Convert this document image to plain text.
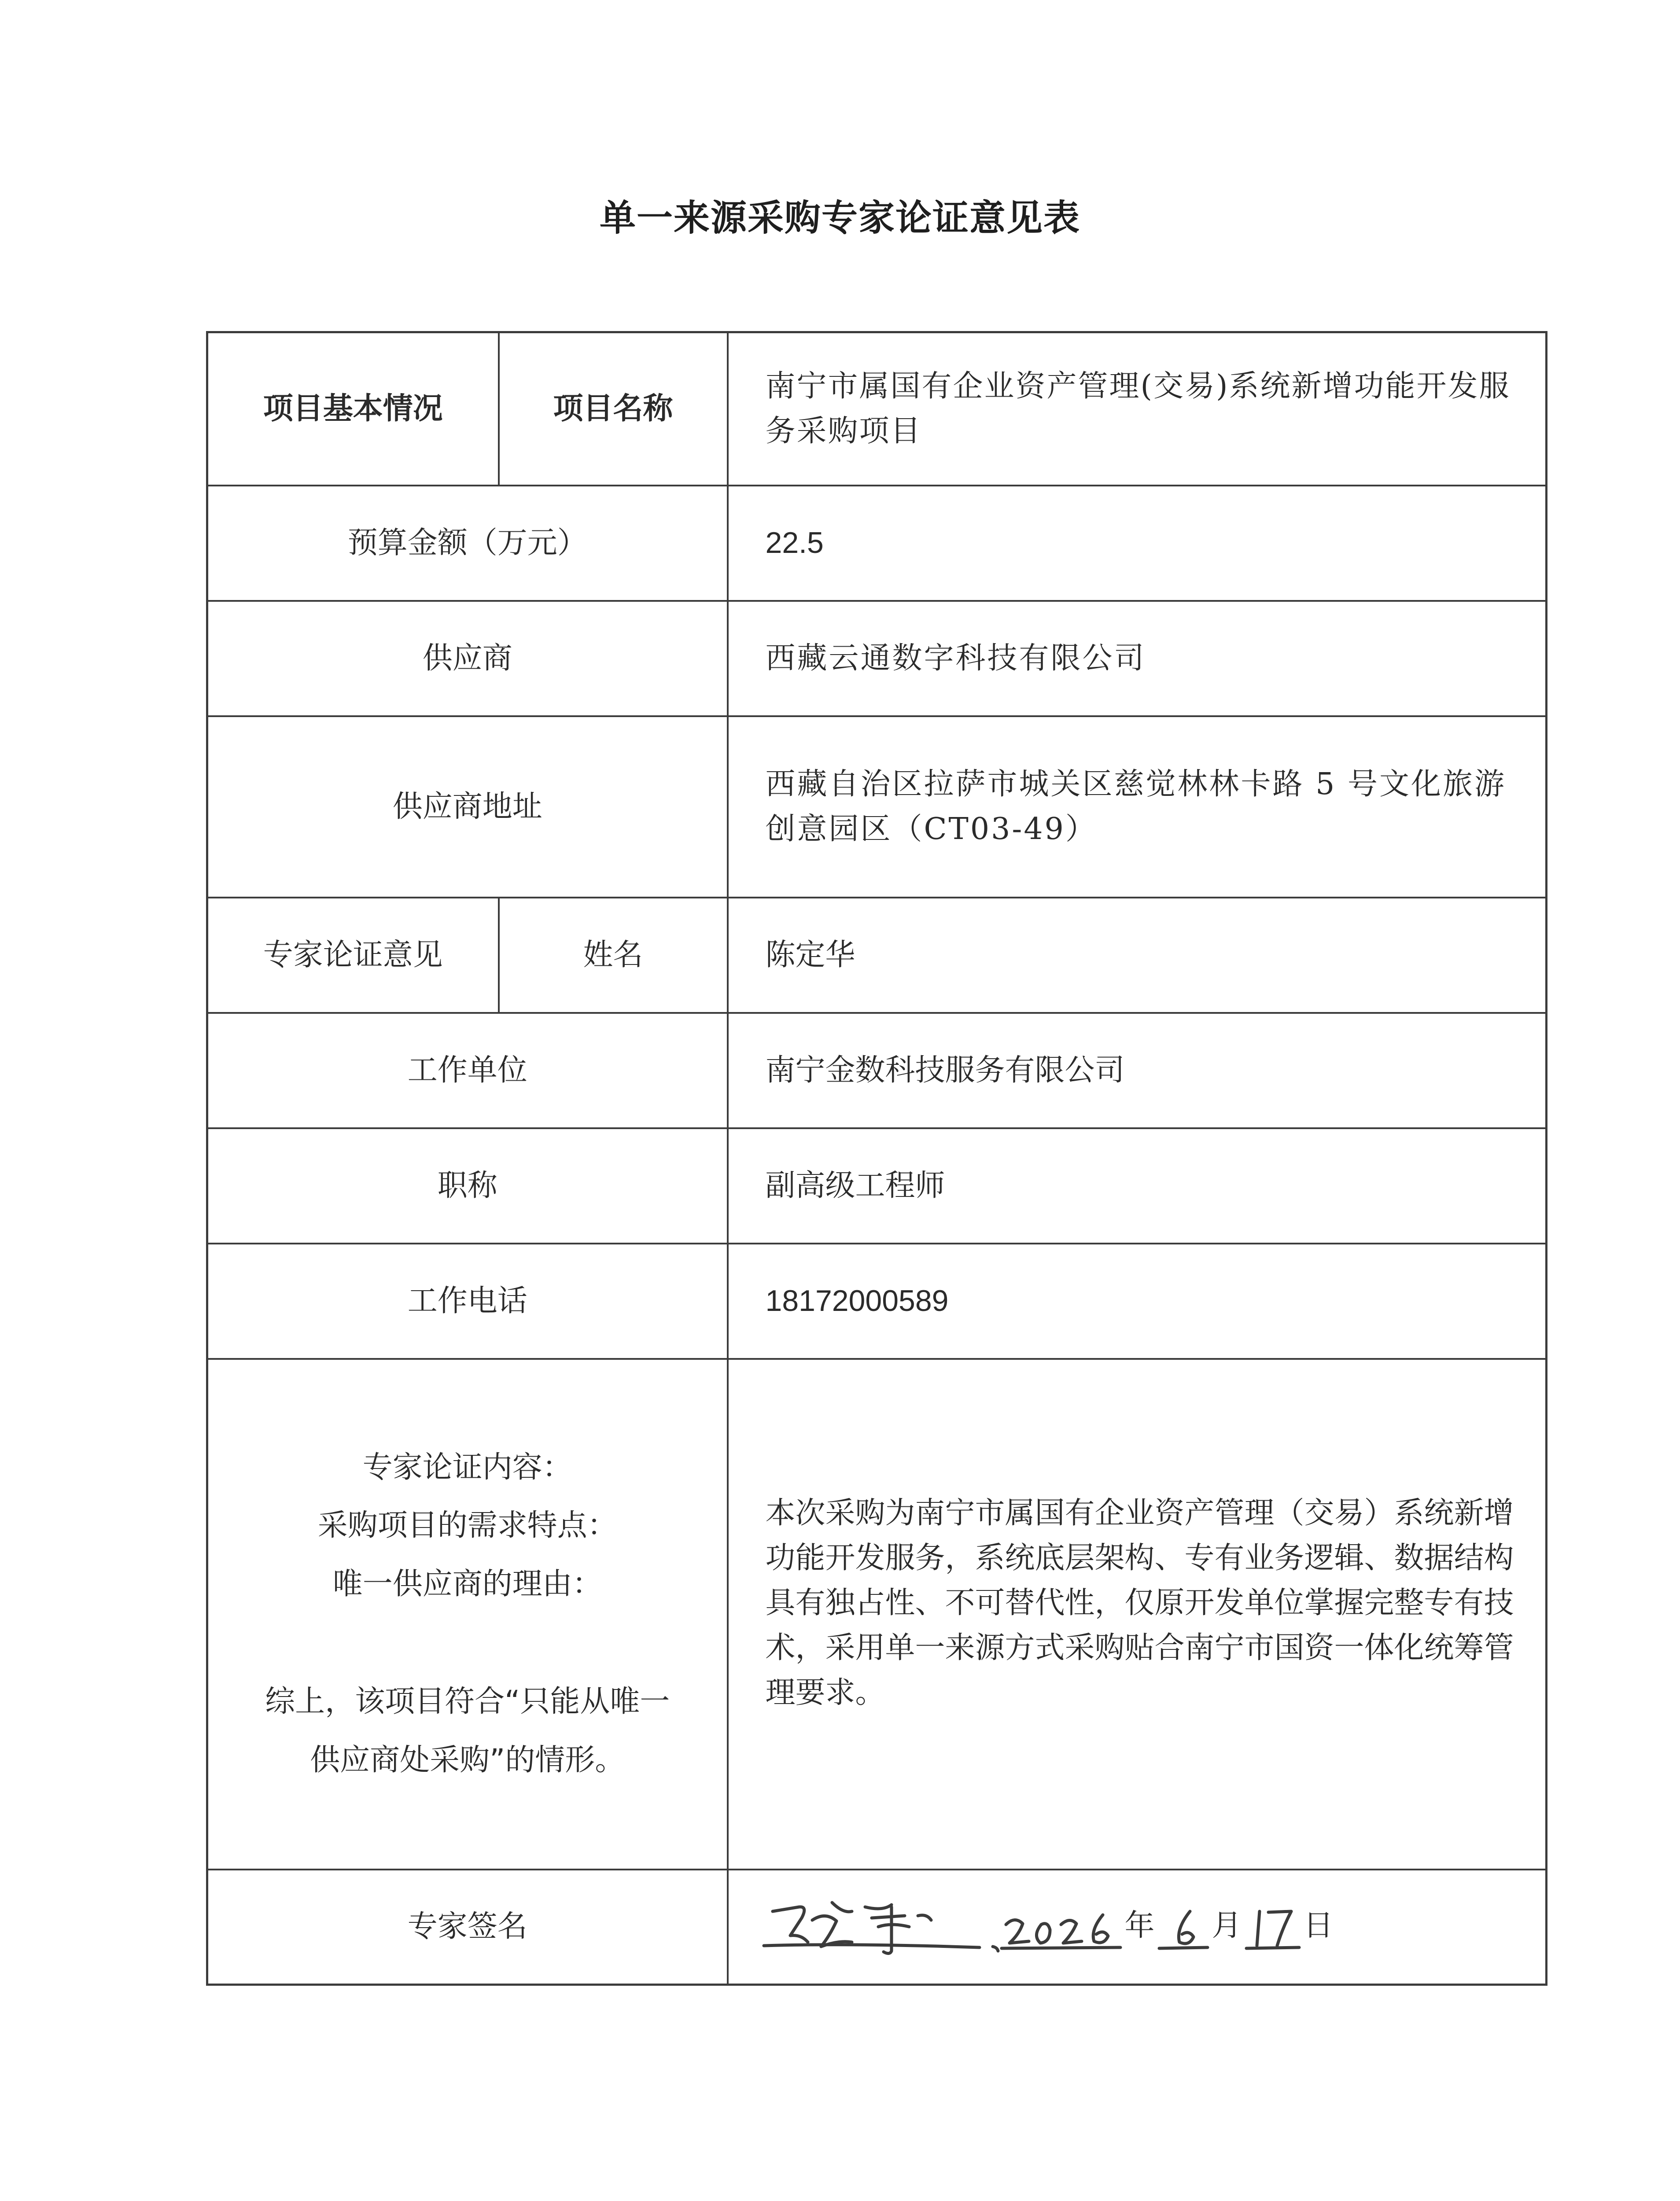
单一来源采购专家论证意见表
项目基本情况	项目名称	南宁市属国有企业资产管理(交易)系统新增功能开发服务采购项目
预算金额（万元）		22.5
供应商		西藏云通数字科技有限公司
供应商地址		西藏自治区拉萨市城关区慈觉林林卡路 5 号文化旅游创意园区（CT03-49）
专家论证意见	姓名	陈定华
工作单位		南宁金数科技服务有限公司
职称		副高级工程师
工作电话		18172000589

专家论证内容：
采购项目的需求特点：
唯一供应商的理由：
综上，该项目符合“只能从唯一
供应商处采购”的情形。		本次采购为南宁市属国有企业资产管理（交易）系统新增功能开发服务，系统底层架构、专有业务逻辑、数据结构具有独占性、不可替代性，仅原开发单位掌握完整专有技术，采用单一来源方式采购贴合南宁市国资一体化统筹管理要求。
专家签名		年 月 日
